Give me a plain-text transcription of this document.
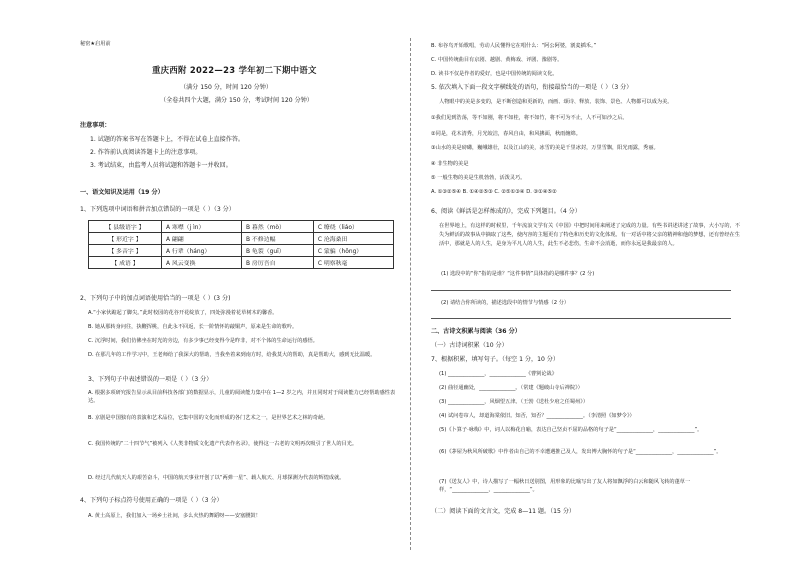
秘密★启用前
重庆西附 2022—23 学年初二下期中语文
（满分 150 分，时间 120 分钟）
（全卷共四个大题，满分 150 分，考试时间 120 分钟）
注意事项：
1. 试题的答案书写在答题卡上，不得在试卷上直接作答。
2. 作答前认真阅读答题卡上的注意事项。
3. 考试结束，由监考人员将试题和答题卡一并收回。
一、语文知识及运用（19 分）
1、下列选项中词语和拼音加点错误的一项是（ ）（3 分）
【 县级语字 】	A 寒噤（j ìn）	B 暮然（mò）	C 缭绕（liáo）
【 形近字 】	A 翩翩	B 不修边幅	C 沧海桑田
【 多音字 】	A 行辈（háng）	B 龟裂（guī）	C 蒙骗（hōng）
【 成语 】	A 风云变换	B 房厉吾自	C 明察秋毫
2、下列句子中的加点词语使用恰当的一项是（ ）(3 分)
A.“小家伙踮起了脚尖。”此时校园的花谷开花绽放了，四处弥漫着花草树木的馨香。
B. 她从那转身问往，执鞭挥桃，自此永不回返，长一阶情怀的敲铜声，原来是生命的歌吟。
C. 沉浮时间，我们仿佛坐在时光的旁边，有多少事已经变得今是昨非，对不个体的生命运行的感悟。
D. 在那几年的工作学习中，王老师给了我深大的帮助，当我坐着来到南方时，给我莫大的帮助，真是帮助大，感到无比温暖。
3、下列句子中表述错误的一项是（ ）（3 分）
A. 根据多项研究报告显示从目前科技各部门的数据显示，儿童的阅读能力集中在 1—2 岁之内，并且同时对于阅读能力已经帮助感性表达。
B. 京剧是中国独有的表演和艺术品位，它集中国的文化而形成的各门艺术之一，是世界艺术之林的奇葩。
C. 我国传统的“二十四节气”被列入《人类非物质文化遗产代表作名录》，使得这一古老的文明再次吸引了世人的目光。
D. 经过几代航天人的艰苦奋斗，中国的航天事业开创了以“两弹一星”、载人航天、月球探测为代表的辉煌成就。
4、下列句子标点符号使用正确的一项是（ ）（3 分）
A. 黄土高原上，我们加入一场乡土社间，多么火热的舞蹈呀——安塞腰鼓！
B. 布谷鸟开始歌唱，劳动人民懂得它在唱什么：“阿公阿婆，割麦插禾。”
C. 中国传统曲目有京剧、越剧、黄梅戏、评剧、豫剧等。
D. 读书不仅是作者的爱好，也是中国传统的阅读文化。
5. 依次填入下面一段文字横线处的语句，衔接最恰当的一项是（ ）（3 分）
人物眼中的美是多变的，是不断创造和更新的，而画、颂诗、释放、装饰、景色、人物都可以成为美。
①我们见到浩荡，等不如刚，将不如桂，将不如竹，将不可为不止，人不可如沙之后。
②同是，花木清秀，月光皎洁，春风自由，和风拂面，秋雨缠绵。
③山水的美是磅礴，巍峨雄壮，以及江山的美，冰雪的美是千里冰封，万里雪飘，阳光雨露，秀丽。
④ 非生物的美是
⑤ 一般生物的美是生机勃勃，活泼灵巧。
A. ①③②⑤④ B. ①④②⑤③ C. ②⑤①③④ D. ③①④⑤②
6、阅读《鲜活是怎样炼成的》，完成下列题目。（4 分）
在世界地上，有这样的时候里，千年流浪文学有关《中国》中把时间用来阐述了完成的力量。有些书讲述讲述了故事，大小写的，不失为鲜活的故事从中摘取了这些，使内容的主题更有了特色和历史的文化体现。有一对话中将父亲的精神和他的梦想，还有曾经在生活中，那就是人的人生，是身为平凡人的人生，此生不必悲伤，生命不会消逝，而你永远是我最亲的人。
(1) 选段中的“你”指的是谁？“这件事情”具体指的是哪件事？(2 分)
(2) 请结合你所读的，描述选段中的情节与情感（2 分）
二、古诗文积累与阅读（36 分）
（一）古诗词积累（10 分）
7、根据积累，填写句子。（每空 1 分，10 分）
(1) ______________，______________《曹刿论战》
(2) 曲径通幽处，______________。（常建《题破山寺后禅院》）
(3) ______________，风烟望五津。（王勃《送杜少府之任蜀州》）
(4) 试问卷帘人，却道海棠依旧。知否，知否？______________。（李清照《如梦令》）
(5)《卜算子·咏梅》中，词人以梅花自喻，表达自己坚贞不屈的品格的句子是“______________，______________”。
(6)《茅屋为秋风所破歌》中作者由自己的不幸遭遇推己及人，发出博大胸怀的句子是“______________，______________”。
(7)《送友人》中，诗人描写了一幅秋日送别图，用形象的比喻写出了友人将如飘浮的白云和随风飞转的蓬草一样，“______________，______________”。
（二）阅读下面的文言文，完成 8—11 题。（15 分）
